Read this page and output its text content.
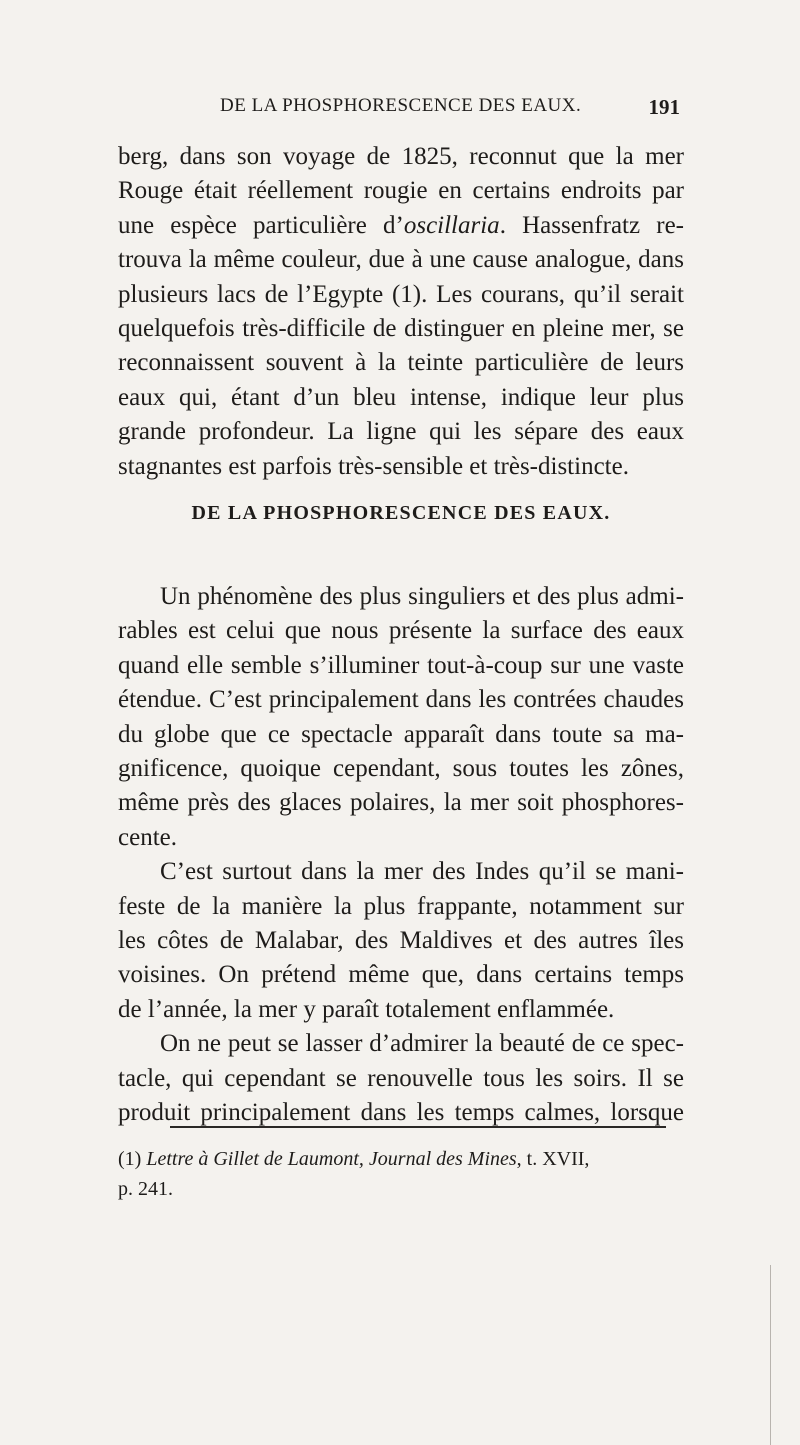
DE LA PHOSPHORESCENCE DES EAUX.	191
berg, dans son voyage de 1825, reconnut que la mer
Rouge était réellement rougie en certains endroits par
une espèce particulière d’oscillaria. Hassenfratz re-
trouva la même couleur, due à une cause analogue, dans
plusieurs lacs de l’Egypte (1). Les courans, qu’il serait
quelquefois très-difficile de distinguer en pleine mer, se
reconnaissent souvent à la teinte particulière de leurs
eaux qui, étant d’un bleu intense, indique leur plus
grande profondeur. La ligne qui les sépare des eaux
stagnantes est parfois très-sensible et très-distincte.
DE LA PHOSPHORESCENCE DES EAUX.
Un phénomène des plus singuliers et des plus admi-
rables est celui que nous présente la surface des eaux
quand elle semble s’illuminer tout-à-coup sur une vaste
étendue. C’est principalement dans les contrées chaudes
du globe que ce spectacle apparaît dans toute sa ma-
gnificence, quoique cependant, sous toutes les zônes,
même près des glaces polaires, la mer soit phosphores-
cente.
C’est surtout dans la mer des Indes qu’il se mani-
feste de la manière la plus frappante, notamment sur
les côtes de Malabar, des Maldives et des autres îles
voisines. On prétend même que, dans certains temps
de l’année, la mer y paraît totalement enflammée.
On ne peut se lasser d’admirer la beauté de ce spec-
tacle, qui cependant se renouvelle tous les soirs. Il se
produit principalement dans les temps calmes, lorsque
(1) Lettre à Gillet de Laumont, Journal des Mines, t. XVII,
p. 241.
